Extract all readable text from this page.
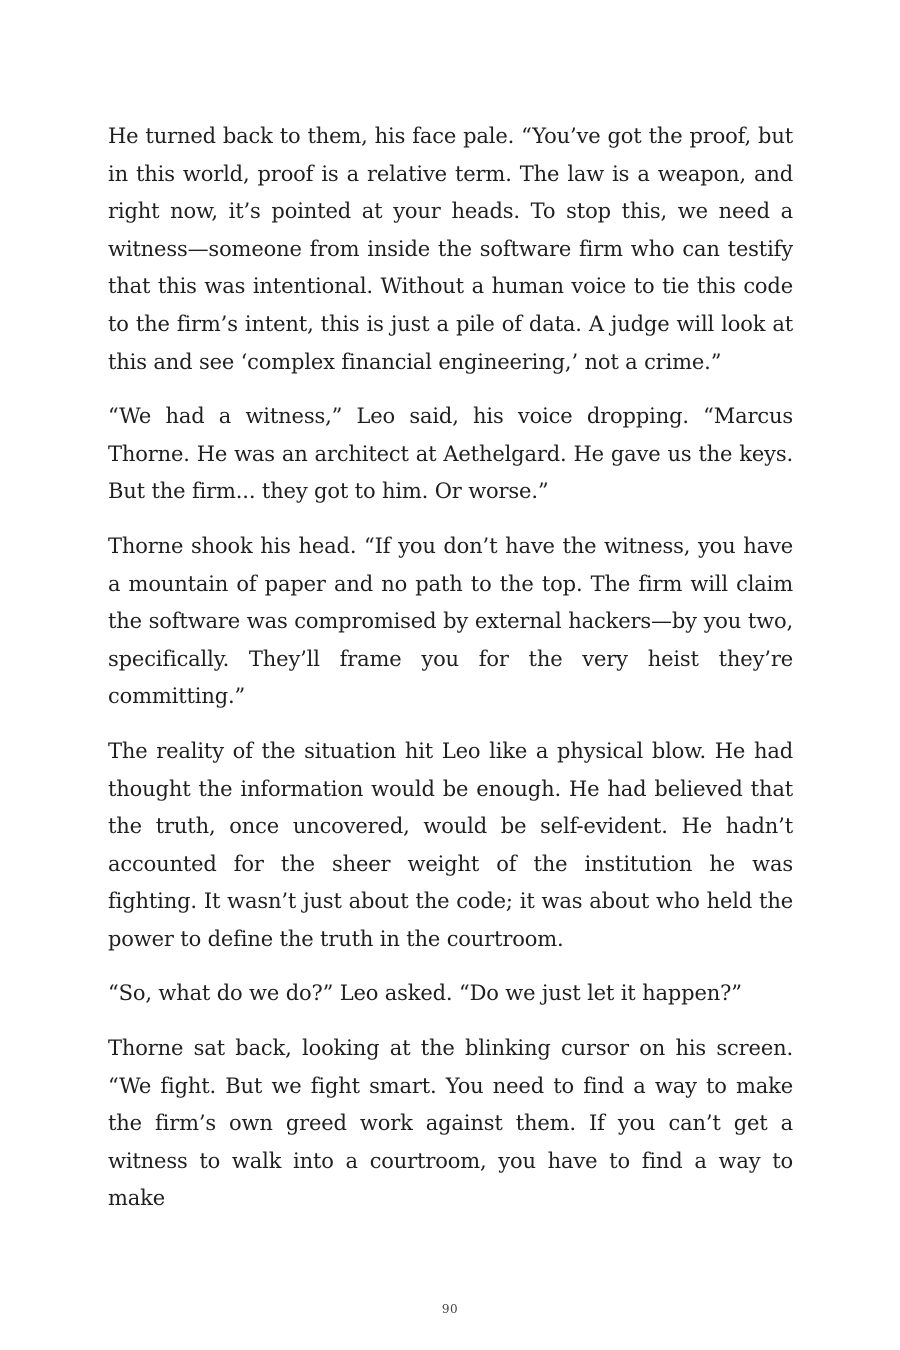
He turned back to them, his face pale. “You’ve got the proof, but in this world, proof is a relative term. The law is a weapon, and right now, it’s pointed at your heads. To stop this, we need a witness—someone from inside the software firm who can testify that this was intentional. Without a human voice to tie this code to the firm’s intent, this is just a pile of data. A judge will look at this and see ‘complex financial engineering,’ not a crime.”

“We had a witness,” Leo said, his voice dropping. “Marcus Thorne. He was an architect at Aethelgard. He gave us the keys. But the firm... they got to him. Or worse.”

Thorne shook his head. “If you don’t have the witness, you have a mountain of paper and no path to the top. The firm will claim the software was compromised by external hackers—by you two, specifically. They’ll frame you for the very heist they’re committing.”

The reality of the situation hit Leo like a physical blow. He had thought the information would be enough. He had believed that the truth, once uncovered, would be self-evident. He hadn’t accounted for the sheer weight of the institution he was fighting. It wasn’t just about the code; it was about who held the power to define the truth in the courtroom.

“So, what do we do?” Leo asked. “Do we just let it happen?”

Thorne sat back, looking at the blinking cursor on his screen. “We fight. But we fight smart. You need to find a way to make the firm’s own greed work against them. If you can’t get a witness to walk into a courtroom, you have to find a way to make

90
